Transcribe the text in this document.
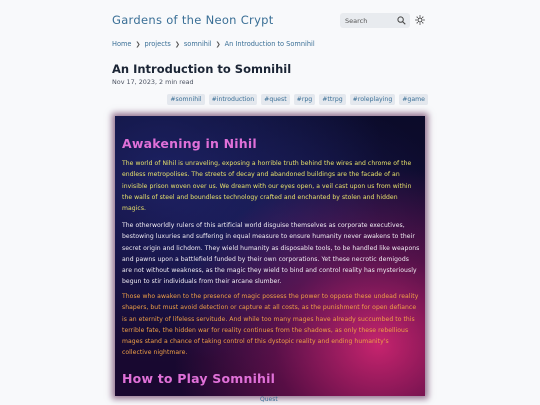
Gardens of the Neon Crypt
Search
Home ❯ projects ❯ somnihil ❯ An Introduction to Somnihil
An Introduction to Somnihil
Nov 17, 2023, 2 min read
#somnihil	#introduction	#quest	#rpg	#ttrpg	#roleplaying	#game
Awakening in Nihil

The world of Nihil is unraveling, exposing a horrible truth behind the wires and chrome of the endless metropolises. The streets of decay and abandoned buildings are the facade of an invisible prison woven over us. We dream with our eyes open, a veil cast upon us from within the walls of steel and boundless technology crafted and enchanted by stolen and hidden magics.

The otherworldly rulers of this artificial world disguise themselves as corporate executives, bestowing luxuries and suffering in equal measure to ensure humanity never awakens to their secret origin and lichdom. They wield humanity as disposable tools, to be handled like weapons and pawns upon a battlefield funded by their own corporations. Yet these necrotic demigods are not without weakness, as the magic they wield to bind and control reality has mysteriously begun to stir individuals from their arcane slumber.

Those who awaken to the presence of magic possess the power to oppose these undead reality shapers, but must avoid detection or capture at all costs, as the punishment for open defiance is an eternity of lifeless servitude. And while too many mages have already succumbed to this terrible fate, the hidden war for reality continues from the shadows, as only these rebellious mages stand a chance of taking control of this dystopic reality and ending humanity's collective nightmare.

How to Play Somnihil
Quest
